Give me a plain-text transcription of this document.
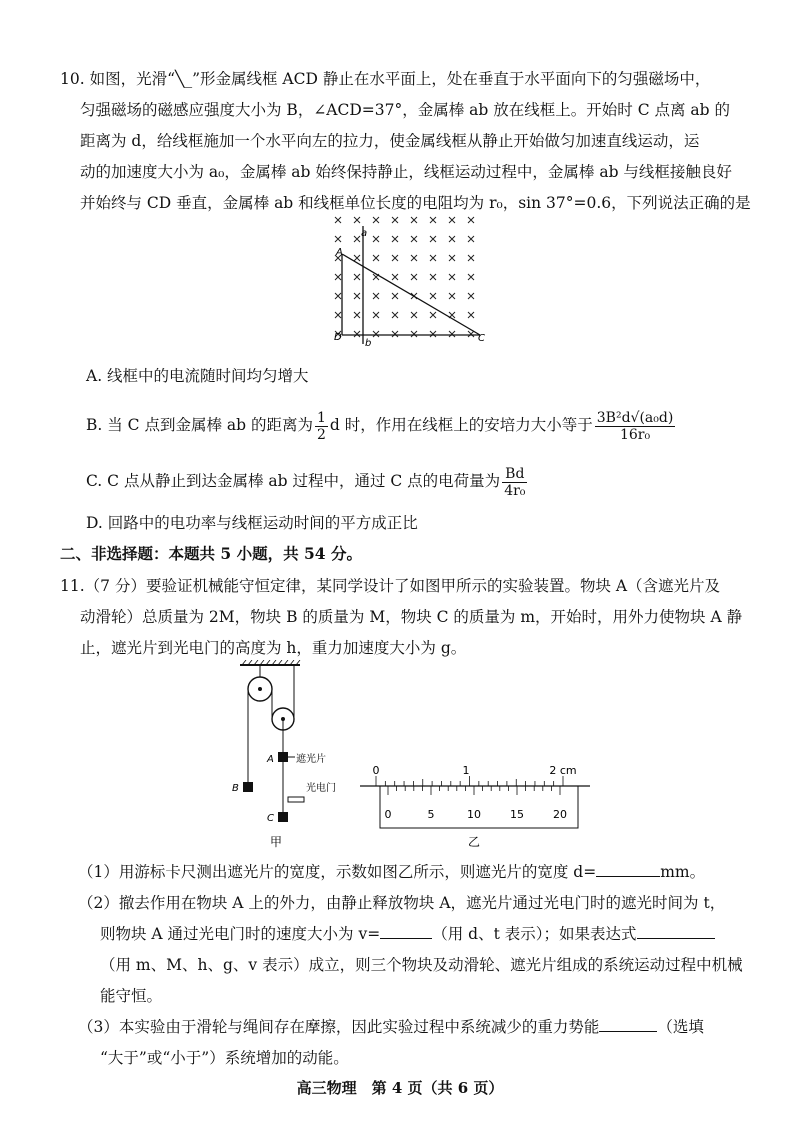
10. 如图，光滑“╲_”形金属线框 ACD 静止在水平面上，处在垂直于水平面向下的匀强磁场中，
匀强磁场的磁感应强度大小为 B，∠ACD=37°，金属棒 ab 放在线框上。开始时 C 点离 ab 的
距离为 d，给线框施加一个水平向左的拉力，使金属线框从静止开始做匀加速直线运动，运
动的加速度大小为 a₀，金属棒 ab 始终保持静止，线框运动过程中，金属棒 ab 与线框接触良好
并始终与 CD 垂直，金属棒 ab 和线框单位长度的电阻均为 r₀，sin 37°=0.6，下列说法正确的是
a
A
D
b	C
A. 线框中的电流随时间均匀增大
B. 当 C 点到金属棒 ab 的距离为 $\frac{1}{2}$ d 时，作用在线框上的安培力大小等于 $\frac{\text{3B²d√(a₀d)}}{\text{16r₀}}$
C. C 点从静止到达金属棒 ab 过程中，通过 C 点的电荷量为 $\frac{Bd}{\text{4r₀}}$
D. 回路中的电功率与线框运动时间的平方成正比
二、非选择题：本题共 5 小题，共 54 分。
11.（7 分）要验证机械能守恒定律，某同学设计了如图甲所示的实验装置。物块 A（含遮光片及
动滑轮）总质量为 2M，物块 B 的质量为 M，物块 C 的质量为 m，开始时，用外力使物块 A 静
止，遮光片到光电门的高度为 h，重力加速度大小为 g。
A 遮光片
B	光电门
C
甲
0	1	2 cm
0	5	10	15	20
乙
（1）用游标卡尺测出遮光片的宽度，示数如图乙所示，则遮光片的宽度 d=	mm。
（2）撤去作用在物块 A 上的外力，由静止释放物块 A，遮光片通过光电门时的遮光时间为 t，
则物块 A 通过光电门时的速度大小为 v=	（用 d、t 表示）；如果表达式
（用 m、M、h、g、v 表示）成立，则三个物块及动滑轮、遮光片组成的系统运动过程中机械
能守恒。
（3）本实验由于滑轮与绳间存在摩擦，因此实验过程中系统减少的重力势能	（选填
“大于”或“小于”）系统增加的动能。
高三物理　第 4 页（共 6 页）
